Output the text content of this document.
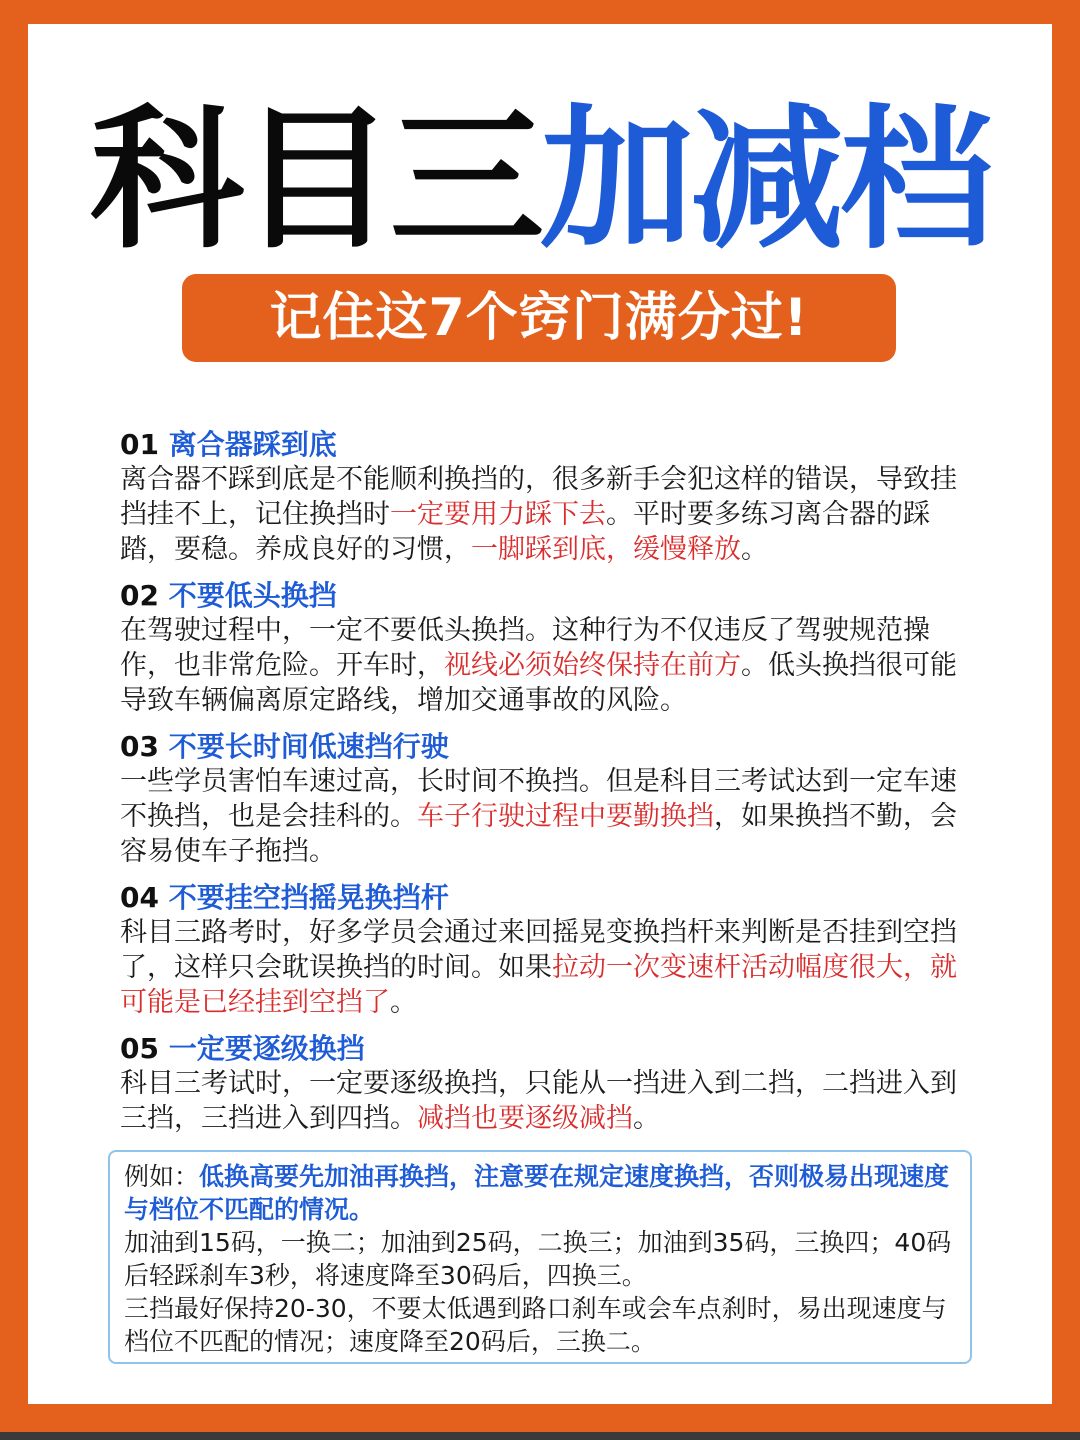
科目三加减档
记住这7个窍门满分过!
01 离合器踩到底
离合器不踩到底是不能顺利换挡的，很多新手会犯这样的错误，导致挂挡挂不上，记住换挡时一定要用力踩下去。平时要多练习离合器的踩踏，要稳。养成良好的习惯，一脚踩到底，缓慢释放。
02 不要低头换挡
在驾驶过程中，一定不要低头换挡。这种行为不仅违反了驾驶规范操作，也非常危险。开车时，视线必须始终保持在前方。低头换挡很可能导致车辆偏离原定路线，增加交通事故的风险。
03 不要长时间低速挡行驶
一些学员害怕车速过高，长时间不换挡。但是科目三考试达到一定车速不换挡，也是会挂科的。车子行驶过程中要勤换挡，如果换挡不勤，会容易使车子拖挡。
04 不要挂空挡摇晃换挡杆
科目三路考时，好多学员会通过来回摇晃变换挡杆来判断是否挂到空挡了，这样只会耽误换挡的时间。如果拉动一次变速杆活动幅度很大，就可能是已经挂到空挡了。
05 一定要逐级换挡
科目三考试时，一定要逐级换挡，只能从一挡进入到二挡，二挡进入到三挡，三挡进入到四挡。减挡也要逐级减挡。
例如：低换高要先加油再换挡，注意要在规定速度换挡，否则极易出现速度与档位不匹配的情况。
加油到15码，一换二；加油到25码，二换三；加油到35码，三换四；40码后轻踩刹车3秒，将速度降至30码后，四换三。
三挡最好保持20-30，不要太低遇到路口刹车或会车点刹时，易出现速度与档位不匹配的情况；速度降至20码后，三换二。
